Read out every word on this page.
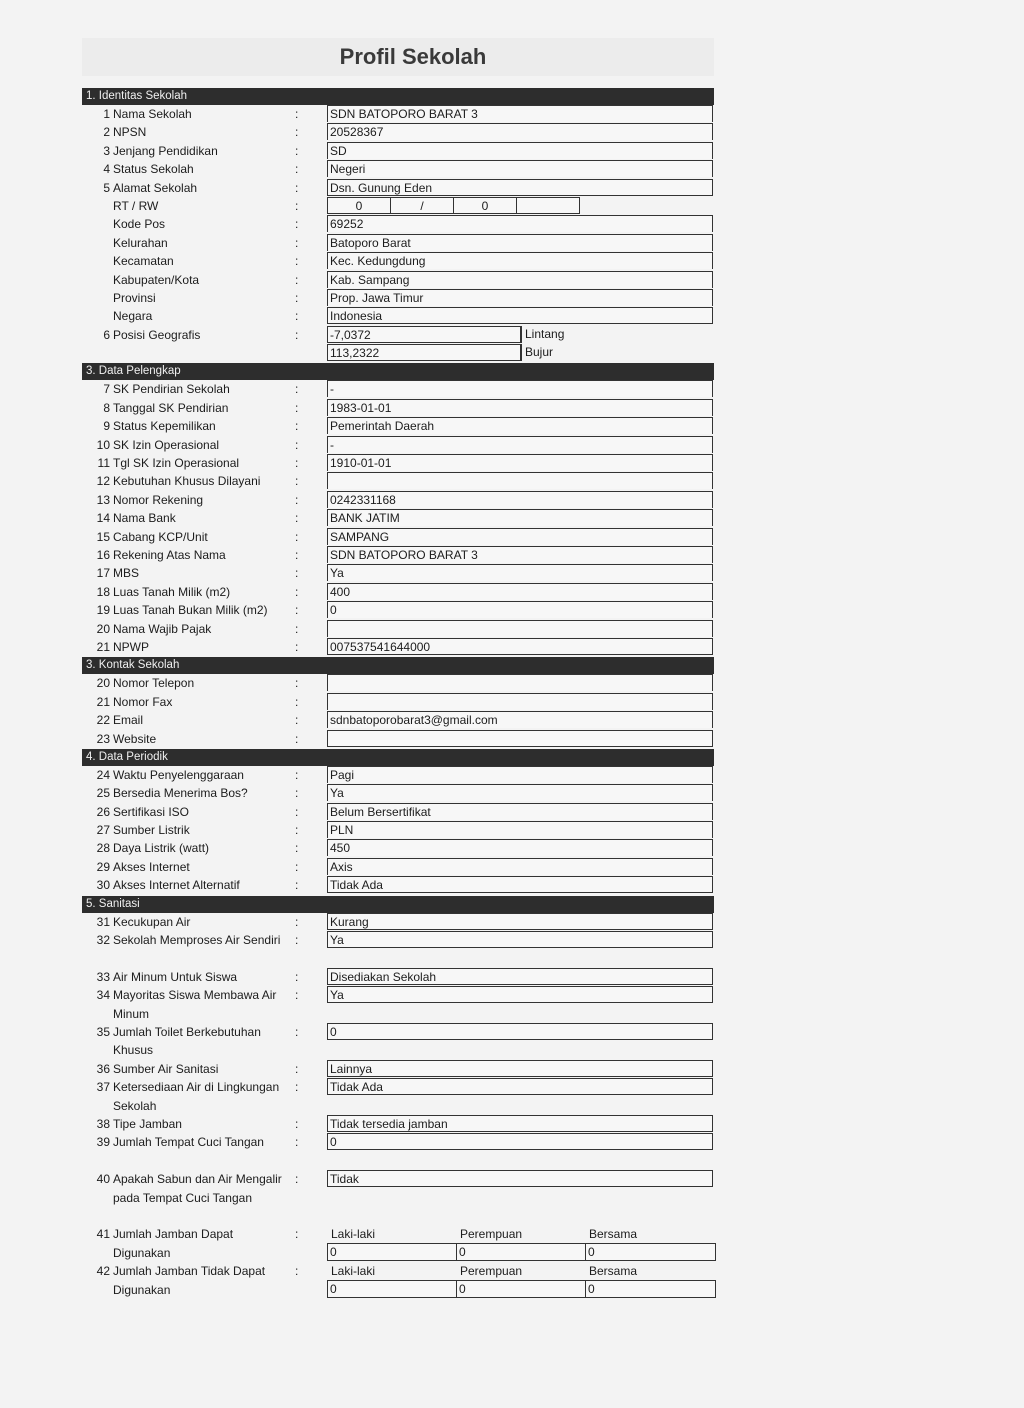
Profil Sekolah
1. Identitas Sekolah
1 Nama Sekolah	:	SDN BATOPORO BARAT 3
2 NPSN	:	20528367
3 Jenjang Pendidikan	:	SD
4 Status Sekolah	:	Negeri
5 Alamat Sekolah	:	Dsn. Gunung Eden
RT / RW	:	0	/	0
Kode Pos	:	69252
Kelurahan	:	Batoporo Barat
Kecamatan	:	Kec. Kedungdung
Kabupaten/Kota	:	Kab. Sampang
Provinsi	:	Prop. Jawa Timur
Negara	:	Indonesia
6 Posisi Geografis	:	-7,0372	Lintang
113,2322	Bujur
3. Data Pelengkap
7 SK Pendirian Sekolah	:	-
8 Tanggal SK Pendirian	:	1983-01-01
9 Status Kepemilikan	:	Pemerintah Daerah
10 SK Izin Operasional	:	-
11 Tgl SK Izin Operasional	:	1910-01-01
12 Kebutuhan Khusus Dilayani	:
13 Nomor Rekening	:	0242331168
14 Nama Bank	:	BANK JATIM
15 Cabang KCP/Unit	:	SAMPANG
16 Rekening Atas Nama	:	SDN BATOPORO BARAT 3
17 MBS	:	Ya
18 Luas Tanah Milik (m2)	:	400
19 Luas Tanah Bukan Milik (m2)	:	0
20 Nama Wajib Pajak	:
21 NPWP	:	007537541644000
3. Kontak Sekolah
20 Nomor Telepon	:
21 Nomor Fax	:
22 Email	:	sdnbatoporobarat3@gmail.com
23 Website	:
4. Data Periodik
24 Waktu Penyelenggaraan	:	Pagi
25 Bersedia Menerima Bos?	:	Ya
26 Sertifikasi ISO	:	Belum Bersertifikat
27 Sumber Listrik	:	PLN
28 Daya Listrik (watt)	:	450
29 Akses Internet	:	Axis
30 Akses Internet Alternatif	:	Tidak Ada
5. Sanitasi
31 Kecukupan Air	:	Kurang
32 Sekolah Memproses Air Sendiri	:	Ya
33 Air Minum Untuk Siswa	:	Disediakan Sekolah
34 Mayoritas Siswa Membawa Air Minum
:	Ya
35 Jumlah Toilet Berkebutuhan Khusus
:	0
36 Sumber Air Sanitasi	:	Lainnya
37 Ketersediaan Air di Lingkungan Sekolah
:	Tidak Ada
38 Tipe Jamban	:	Tidak tersedia jamban
39 Jumlah Tempat Cuci Tangan	:	0
40 Apakah Sabun dan Air Mengalir pada Tempat Cuci Tangan
:	Tidak
41 Jumlah Jamban Dapat Digunakan
:	Laki-laki	Perempuan	Bersama
0	0	0
42 Jumlah Jamban Tidak Dapat Digunakan
:	Laki-laki	Perempuan	Bersama
0	0	0
